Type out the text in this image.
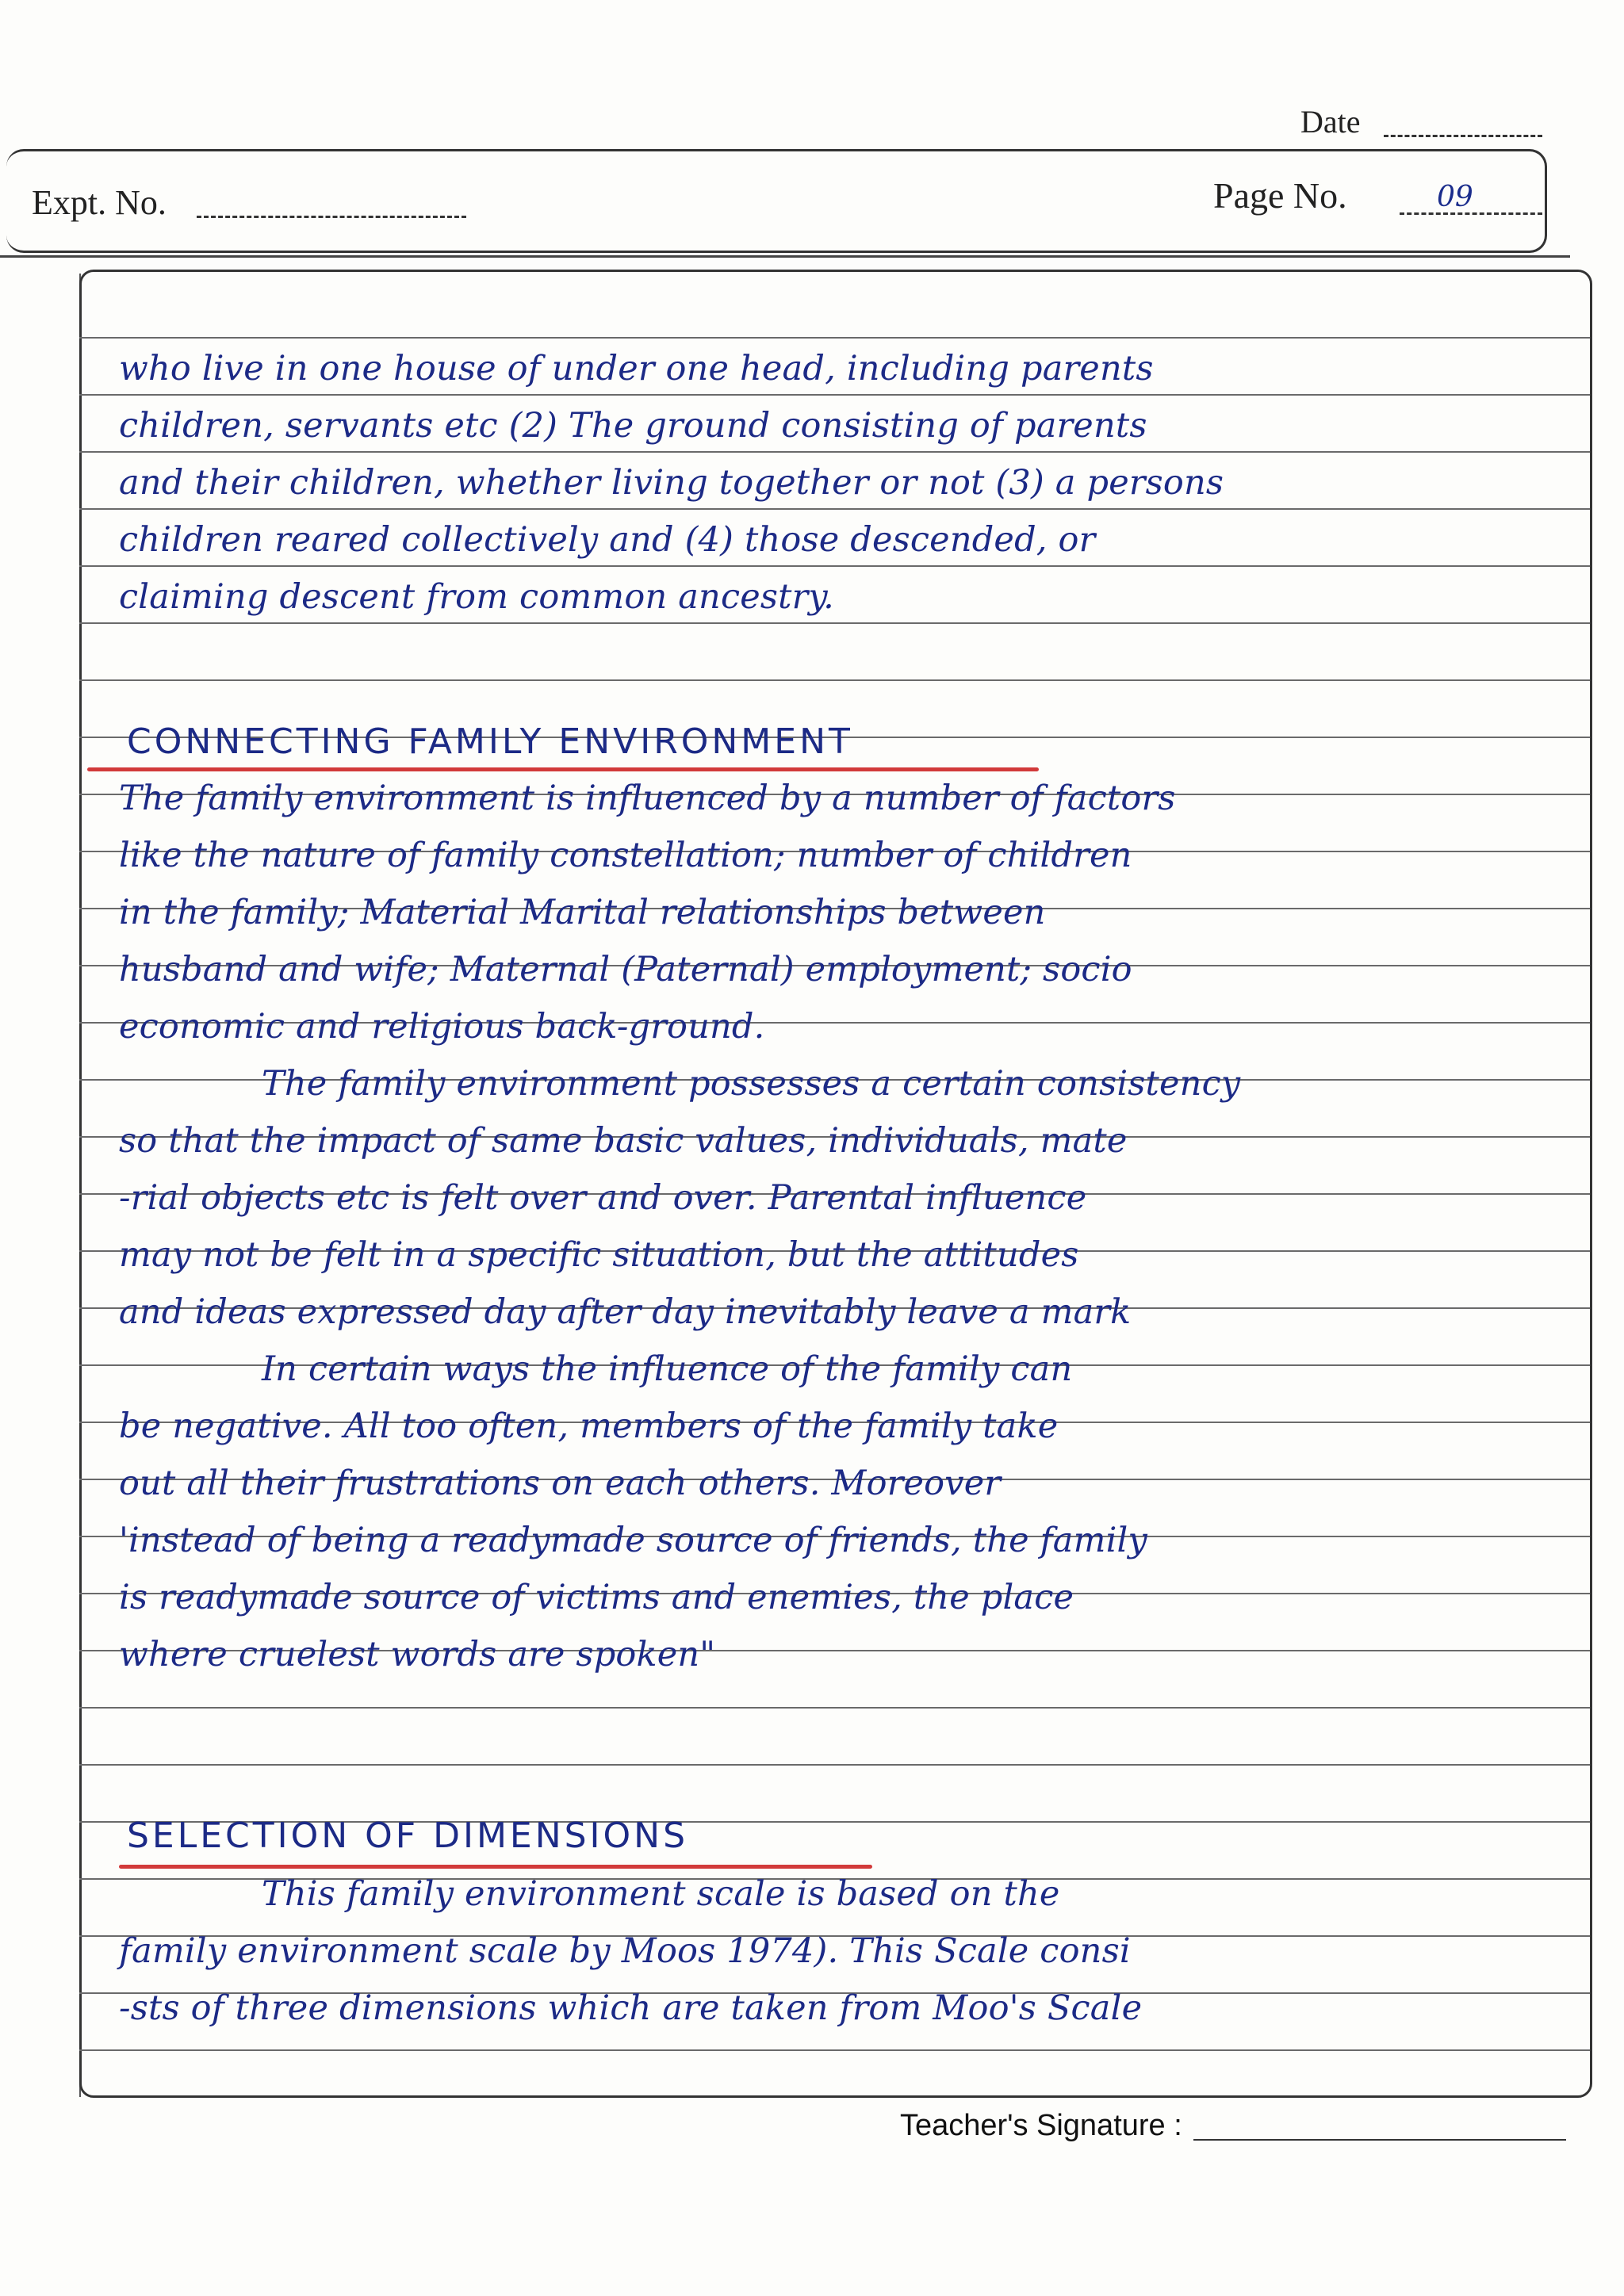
Date
Expt. No.	Page No.	09
who live in one house of under one head, including parents
children, servants etc (2) The ground consisting of parents
and their children, whether living together or not (3) a persons
children reared collectively and (4) those descended, or
claiming descent from common ancestry.
CONNECTING FAMILY ENVIRONMENT
The family environment is influenced by a number of factors
like the nature of family constellation; number of children
in the family; Material Marital relationships between
husband and wife; Maternal (Paternal) employment; socio
economic and religious back-ground.
The family environment possesses a certain consistency
so that the impact of same basic values, individuals, mate
-rial objects etc is felt over and over. Parental influence
may not be felt in a specific situation, but the attitudes
and ideas expressed day after day inevitably leave a mark
In certain ways the influence of the family can
be negative. All too often, members of the family take
out all their frustrations on each others. Moreover
'instead of being a readymade source of friends, the family
is readymade source of victims and enemies, the place
where cruelest words are spoken"
SELECTION OF DIMENSIONS
This family environment scale is based on the
family environment scale by Moos 1974). This Scale consi
-sts of three dimensions which are taken from Moo's Scale
Teacher's Signature :
